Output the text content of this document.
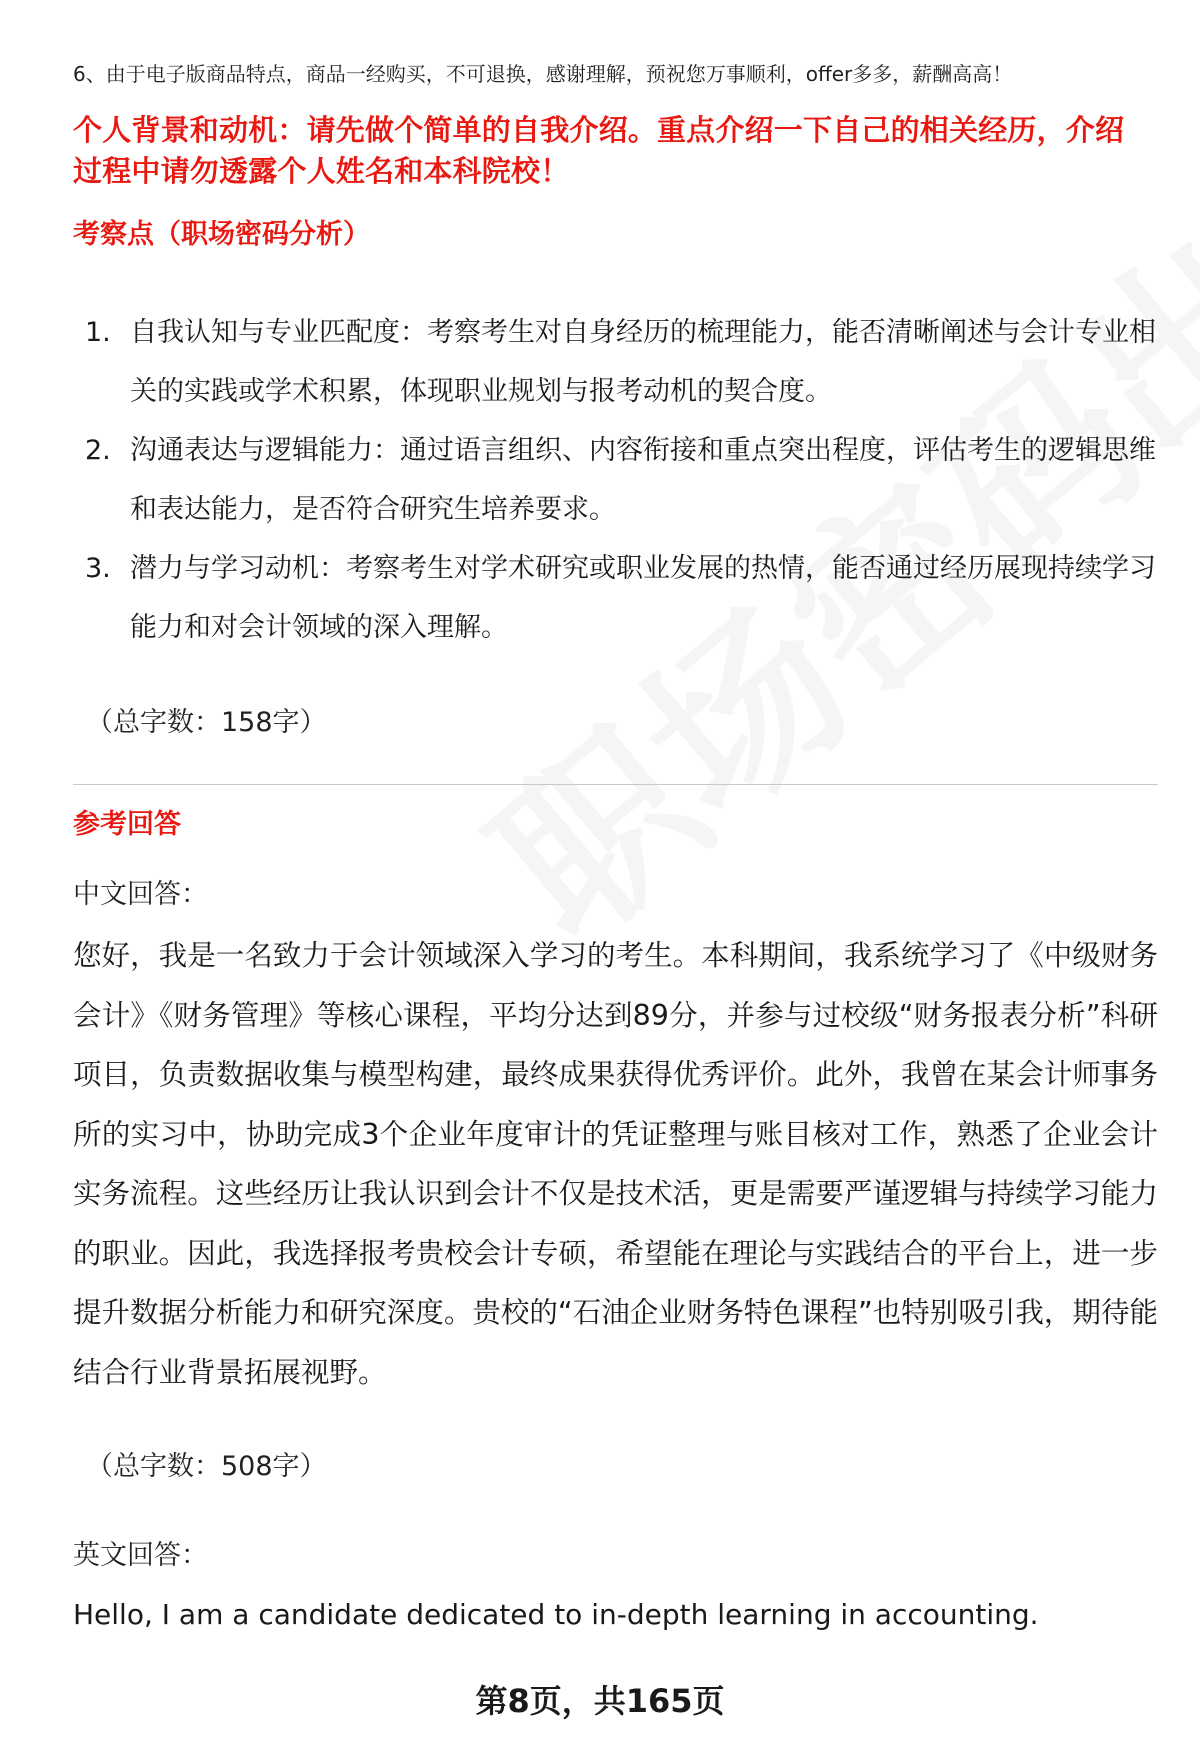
6、由于电子版商品特点，商品一经购买，不可退换，感谢理解，预祝您万事顺利，offer多多，薪酬高高！
个人背景和动机：请先做个简单的自我介绍。重点介绍一下自己的相关经历，介绍过程中请勿透露个人姓名和本科院校！
考察点（职场密码分析）
1. 自我认知与专业匹配度：考察考生对自身经历的梳理能力，能否清晰阐述与会计专业相关的实践或学术积累，体现职业规划与报考动机的契合度。
2. 沟通表达与逻辑能力：通过语言组织、内容衔接和重点突出程度，评估考生的逻辑思维和表达能力，是否符合研究生培养要求。
3. 潜力与学习动机：考察考生对学术研究或职业发展的热情，能否通过经历展现持续学习能力和对会计领域的深入理解。
（总字数：158字）
参考回答
中文回答：
您好，我是一名致力于会计领域深入学习的考生。本科期间，我系统学习了《中级财务会计》《财务管理》等核心课程，平均分达到89分，并参与过校级“财务报表分析”科研项目，负责数据收集与模型构建，最终成果获得优秀评价。此外，我曾在某会计师事务所的实习中，协助完成3个企业年度审计的凭证整理与账目核对工作，熟悉了企业会计实务流程。这些经历让我认识到会计不仅是技术活，更是需要严谨逻辑与持续学习能力的职业。因此，我选择报考贵校会计专硕，希望能在理论与实践结合的平台上，进一步提升数据分析能力和研究深度。贵校的“石油企业财务特色课程”也特别吸引我，期待能结合行业背景拓展视野。
（总字数：508字）
英文回答：
Hello, I am a candidate dedicated to in-depth learning in accounting.
第8页，共165页
